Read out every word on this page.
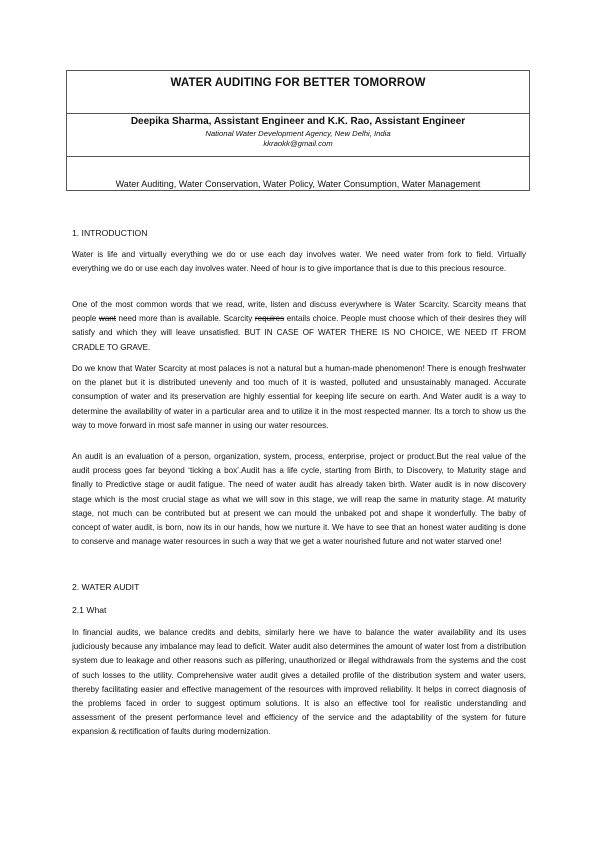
WATER AUDITING FOR BETTER TOMORROW
Deepika Sharma, Assistant Engineer and K.K. Rao, Assistant Engineer
National Water Development Agency, New Delhi, India
kkraokk@gmail.com
Water Auditing, Water Conservation, Water Policy, Water Consumption, Water Management
1. INTRODUCTION

Water is life and virtually everything we do or use each day involves water. We need water from fork to field. Virtually everything we do or use each day involves water. Need of hour is to give importance that is due to this precious resource.

One of the most common words that we read, write, listen and discuss everywhere is Water Scarcity. Scarcity means that people want need more than is available. Scarcity requires entails choice. People must choose which of their desires they will satisfy and which they will leave unsatisfied. BUT IN CASE OF WATER THERE IS NO CHOICE, WE NEED IT FROM CRADLE TO GRAVE.

Do we know that Water Scarcity at most palaces is not a natural but a human-made phenomenon! There is enough freshwater on the planet but it is distributed unevenly and too much of it is wasted, polluted and unsustainably managed. Accurate consumption of water and its preservation are highly essential for keeping life secure on earth. And Water audit is a way to determine the availability of water in a particular area and to utilize it in the most respected manner. Its a torch to show us the way to move forward in most safe manner in using our water resources.

An audit is an evaluation of a person, organization, system, process, enterprise, project or product.But the real value of the audit process goes far beyond ‘ticking a box’.Audit has a life cycle, starting from Birth, to Discovery, to Maturity stage and finally to Predictive stage or audit fatigue. The need of water audit has already taken birth. Water audit is in now discovery stage which is the most crucial stage as what we will sow in this stage, we will reap the same in maturity stage. At maturity stage, not much can be contributed but at present we can mould the unbaked pot and shape it wonderfully. The baby of concept of water audit, is born, now its in our hands, how we nurture it. We have to see that an honest water auditing is done to conserve and manage water resources in such a way that we get a water nourished future and not water starved one!

2. WATER AUDIT
2.1 What

In financial audits, we balance credits and debits, similarly here we have to balance the water availability and its uses judiciously because any imbalance may lead to deficit. Water audit also determines the amount of water lost from a distribution system due to leakage and other reasons such as pilfering, unauthorized or illegal withdrawals from the systems and the cost of such losses to the utility. Comprehensive water audit gives a detailed profile of the distribution system and water users, thereby facilitating easier and effective management of the resources with improved reliability. It helps in correct diagnosis of the problems faced in order to suggest optimum solutions. It is also an effective tool for realistic understanding and assessment of the present performance level and efficiency of the service and the adaptability of the system for future expansion & rectification of faults during modernization.
